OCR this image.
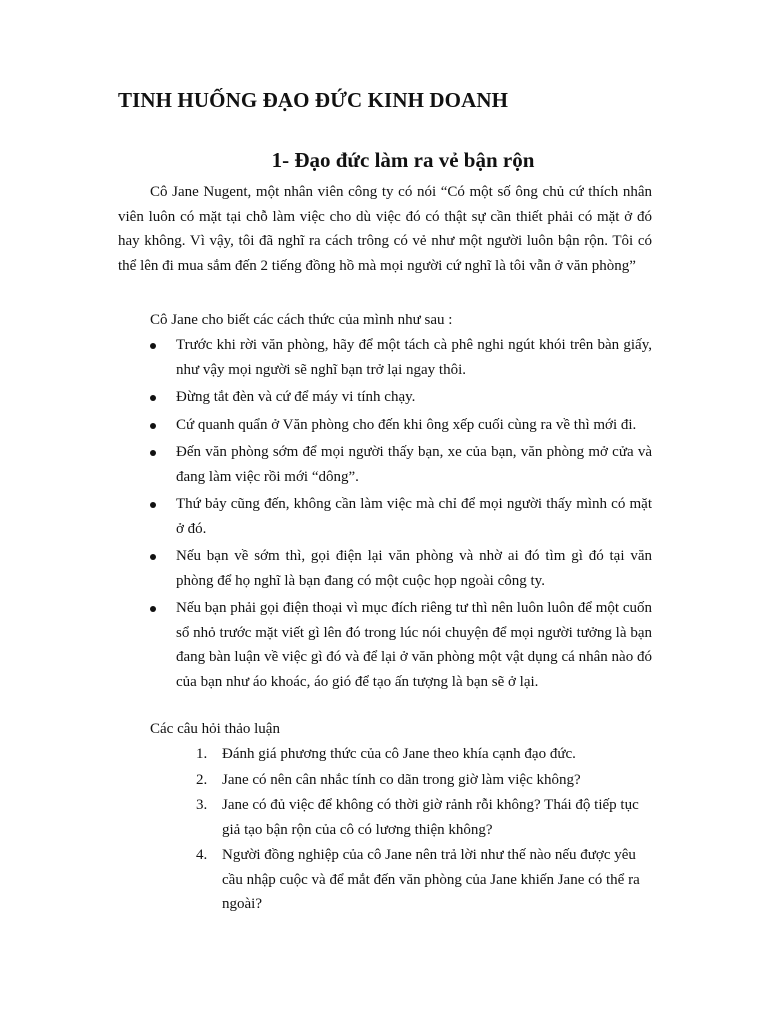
TINH HUỐNG ĐẠO ĐỨC KINH DOANH
1- Đạo đức làm ra vẻ bận rộn

Cô Jane Nugent, một nhân viên công ty có nói “Có một số ông chủ cứ thích nhân viên luôn có mặt tại chỗ làm việc cho dù việc đó có thật sự cần thiết phải có mặt ở đó hay không. Vì vậy, tôi đã nghĩ ra cách trông có vẻ như một người luôn bận rộn. Tôi có thể lên đi mua sắm đến 2 tiếng đồng hồ mà mọi người cứ nghĩ là tôi vẫn ở văn phòng”

Cô Jane cho biết các cách thức của mình như sau :

Trước khi rời văn phòng, hãy để một tách cà phê nghi ngút khói trên bàn giấy, như vậy mọi người sẽ nghĩ bạn trở lại ngay thôi.
Đừng tắt đèn và cứ để máy vi tính chạy.
Cứ quanh quẩn ở Văn phòng cho đến khi ông xếp cuối cùng ra về thì mới đi.
Đến văn phòng sớm để mọi người thấy bạn, xe của bạn, văn phòng mở cửa và đang làm việc rồi mới “dông”.
Thứ bảy cũng đến, không cần làm việc mà chỉ để mọi người thấy mình có mặt ở đó.
Nếu bạn về sớm thì, gọi điện lại văn phòng và nhờ ai đó tìm gì đó tại văn phòng để họ nghĩ là bạn đang có một cuộc họp ngoài công ty.
Nếu bạn phải gọi điện thoại vì mục đích riêng tư thì nên luôn luôn để một cuốn sổ nhỏ trước mặt viết gì lên đó trong lúc nói chuyện để mọi người tưởng là bạn đang bàn luận về việc gì đó và để lại ở văn phòng một vật dụng cá nhân nào đó của bạn như áo khoác, áo gió để tạo ấn tượng là bạn sẽ ở lại.

Các câu hỏi thảo luận

1. Đánh giá phương thức của cô Jane theo khía cạnh đạo đức.
2. Jane có nên cân nhắc tính co dãn trong giờ làm việc không?
3. Jane có đủ việc để không có thời giờ rảnh rỗi không? Thái độ tiếp tục giả tạo bận rộn của cô có lương thiện không?
4. Người đồng nghiệp của cô Jane nên trả lời như thế nào nếu được yêu cầu nhập cuộc và để mắt đến văn phòng của Jane khiến Jane có thể ra ngoài?
